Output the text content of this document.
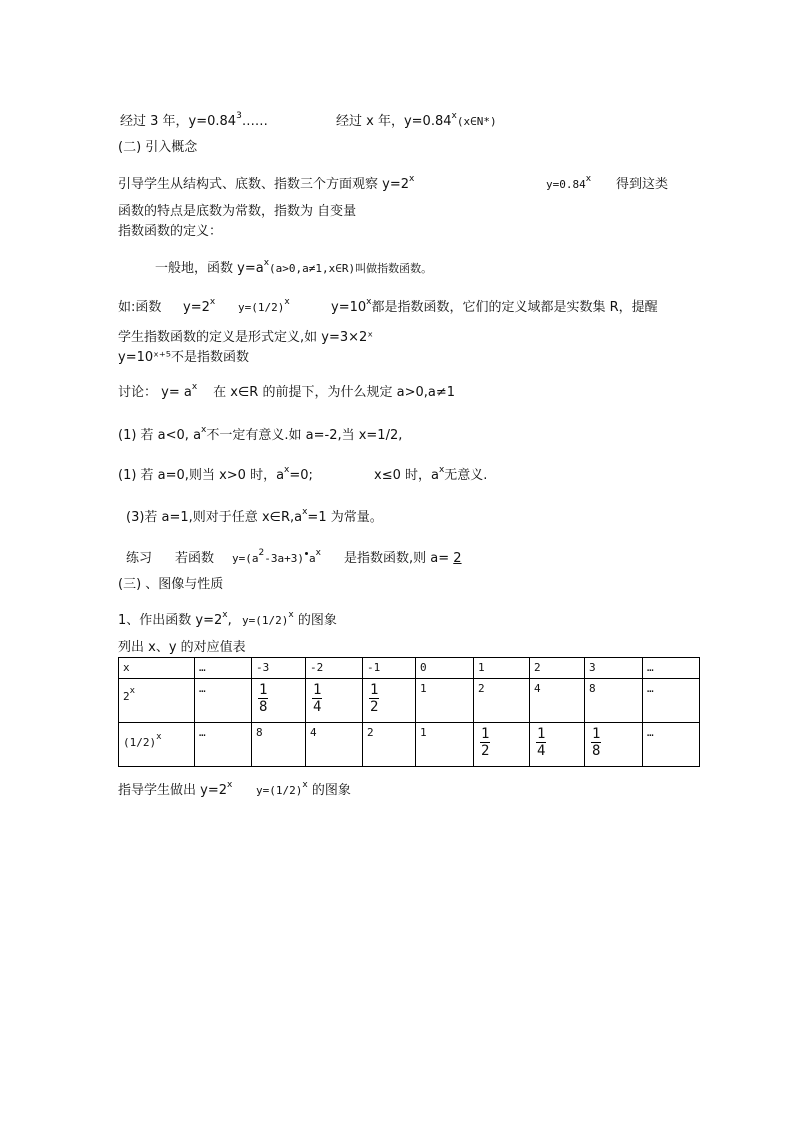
经过 3 年，$y=0.84^3\dots\dots$	经过 x 年，$y=0.84^x(x\in N*)$
(二) 引入概念
引导学生从结构式、底数、指数三个方面观察 $y=2^x$	$y=0.84^x$ 得到这类
函数的特点是底数为常数，指数为 自变量
指数函数的定义：
一般地，函数 $y=a^x(a>0,a\ne 1,x\in R)$叫做指数函数。
如:函数 $y=2^x$ $y=(1/2)^x$	$y=10^x$都是指数函数，它们的定义域都是实数集 R，提醒
学生指数函数的定义是形式定义,如 y=3×2ˣ
y=10ˣ⁺⁵不是指数函数
讨论： $y= a^x$ 在 x∈R 的前提下，为什么规定 a>0,a≠1
(1) 若 a<0, $a^x$不一定有意义.如 a=-2,当 x=1/2,
(1) 若 a=0,则当 x>0 时，$a^x=0$;	x≤0 时，$a^x$无意义.
(3)若 a=1,则对于任意 $x\in R,a^x=1$ 为常量。
练习 若函数 $y=(a^2-3a+3)$ $a^x$ 是指数函数,则 a= 2
(三) 、图像与性质
1、作出函数 $y=2^x$, $y=(1/2)^x$ 的图象
列出 x、y 的对应值表
x	…	-3	-2	-1	0	1	2	3	…

2$^x$	…	$\frac{1}{8}$	$\frac{1}{4}$	$\frac{1}{2}$	1	2	4	8	…

$(1/2)^x$	…	8	4	2	1	$\frac{1}{2}$	$\frac{1}{4}$	$\frac{1}{8}$	…
指导学生做出 $y=2^x$ $y=(1/2)^x$ 的图象
